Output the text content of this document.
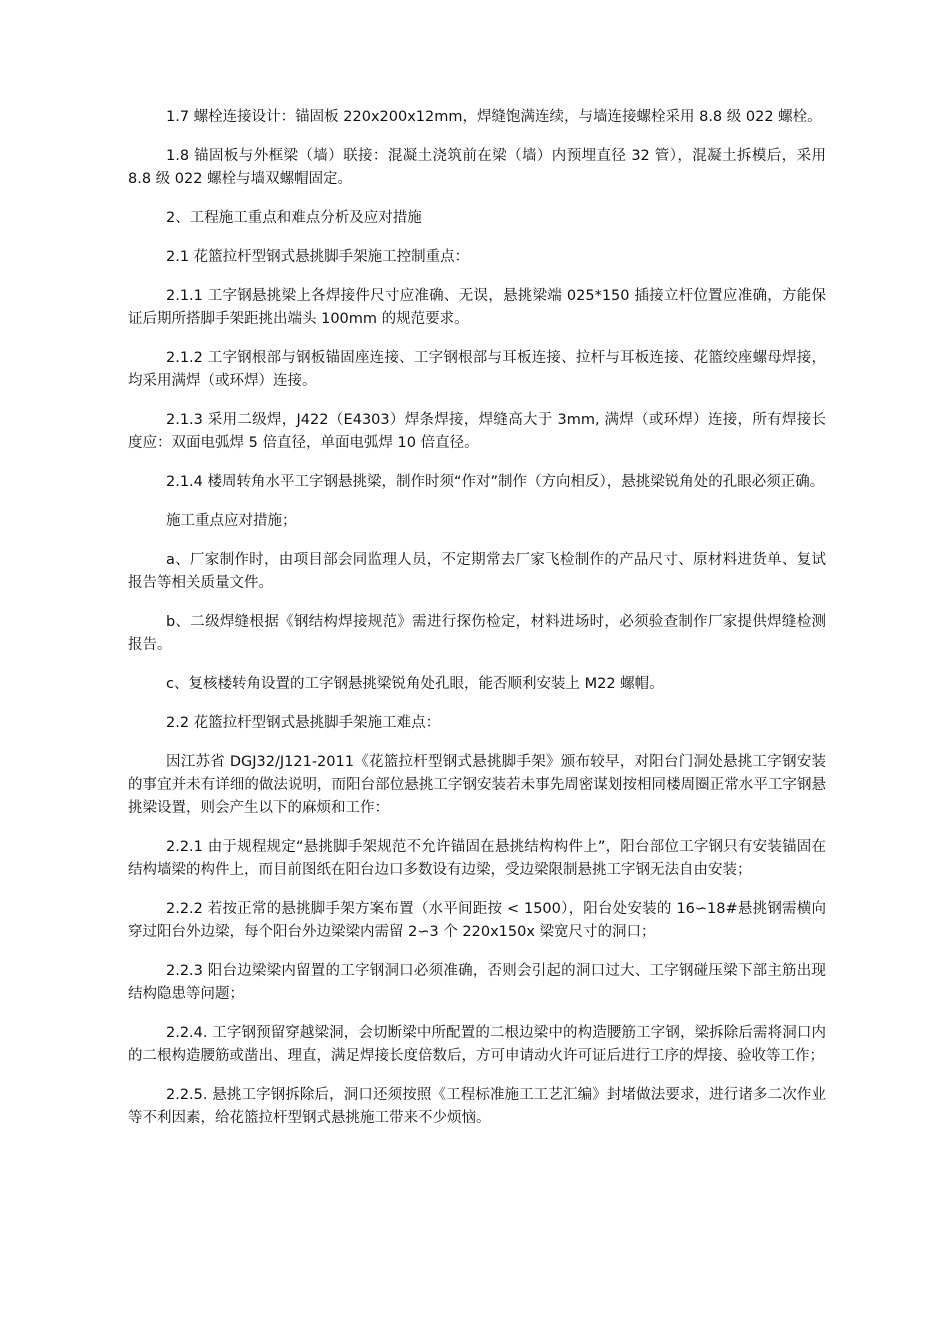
1.7 螺栓连接设计：锚固板 220x200x12mm，焊缝饱满连续，与墙连接螺栓采用 8.8 级 022 螺栓。

1.8 锚固板与外框梁（墙）联接：混凝土浇筑前在梁（墙）内预埋直径 32 管），混凝土拆模后，采用 8.8 级 022 螺栓与墙双螺帽固定。

2、工程施工重点和难点分析及应对措施

2.1 花篮拉杆型钢式悬挑脚手架施工控制重点：

2.1.1 工字钢悬挑梁上各焊接件尺寸应准确、无误，悬挑梁端 025*150 插接立杆位置应准确，方能保证后期所搭脚手架距挑出端头 100mm 的规范要求。

2.1.2 工字钢根部与钢板锚固座连接、工字钢根部与耳板连接、拉杆与耳板连接、花篮绞座螺母焊接，均采用满焊（或环焊）连接。

2.1.3 采用二级焊，J422（E4303）焊条焊接，焊缝高大于 3mm, 满焊（或环焊）连接，所有焊接长度应：双面电弧焊 5 倍直径，单面电弧焊 10 倍直径。

2.1.4 楼周转角水平工字钢悬挑梁，制作时须“作对”制作（方向相反），悬挑梁锐角处的孔眼必须正确。

施工重点应对措施；

a、厂家制作时，由项目部会同监理人员，不定期常去厂家飞检制作的产品尺寸、原材料进货单、复试报告等相关质量文件。

b、二级焊缝根据《钢结构焊接规范》需进行探伤检定，材料进场时，必须验查制作厂家提供焊缝检测报告。

c、复核楼转角设置的工字钢悬挑梁锐角处孔眼，能否顺利安装上 M22 螺帽。

2.2 花篮拉杆型钢式悬挑脚手架施工难点：

因江苏省 DGJ32/J121-2011《花篮拉杆型钢式悬挑脚手架》颁布较早，对阳台门洞处悬挑工字钢安装的事宜并未有详细的做法说明，而阳台部位悬挑工字钢安装若未事先周密谋划按相同楼周圈正常水平工字钢悬挑梁设置，则会产生以下的麻烦和工作：

2.2.1 由于规程规定“悬挑脚手架规范不允许锚固在悬挑结构构件上”，阳台部位工字钢只有安装锚固在结构墙梁的构件上，而目前图纸在阳台边口多数设有边梁，受边梁限制悬挑工字钢无法自由安装；

2.2.2 若按正常的悬挑脚手架方案布置（水平间距按 < 1500），阳台处安装的 16∽18#悬挑钢需横向穿过阳台外边梁，每个阳台外边梁梁内需留 2∽3 个 220x150x 梁宽尺寸的洞口；

2.2.3 阳台边梁梁内留置的工字钢洞口必须准确，否则会引起的洞口过大、工字钢碰压梁下部主筋出现结构隐患等问题；

2.2.4. 工字钢预留穿越梁洞，会切断梁中所配置的二根边梁中的构造腰筋工字钢，梁拆除后需将洞口内的二根构造腰筋或凿出、理直，满足焊接长度倍数后，方可申请动火许可证后进行工序的焊接、验收等工作；

2.2.5. 悬挑工字钢拆除后，洞口还须按照《工程标准施工工艺汇编》封堵做法要求，进行诸多二次作业等不利因素，给花篮拉杆型钢式悬挑施工带来不少烦恼。
